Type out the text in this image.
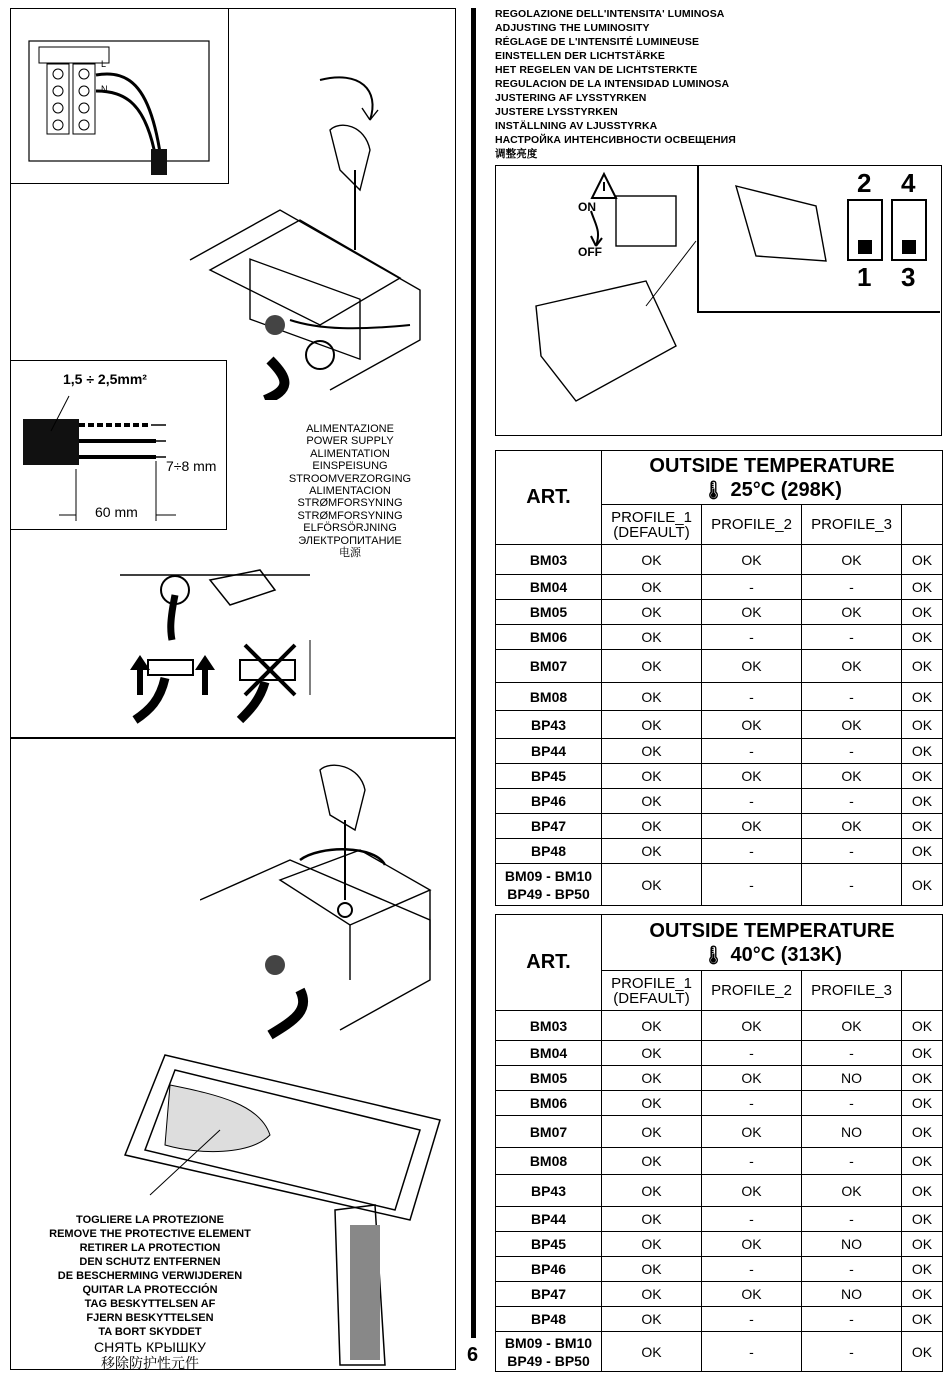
L
N
1,5 ÷ 2,5mm²
7÷8 mm
60 mm
ALIMENTAZIONE
POWER SUPPLY
ALIMENTATION
EINSPEISUNG
STROOMVERZORGING
ALIMENTACION
STRØMFORSYNING
STRØMFORSYNING
ELFÖRSÖRJNING
ЭЛЕКТРОПИТАНИЕ
电源
TOGLIERE LA PROTEZIONE
REMOVE THE PROTECTIVE ELEMENT
RETIRER LA PROTECTION
DEN SCHUTZ ENTFERNEN
DE BESCHERMING VERWIJDEREN
QUITAR LA PROTECCIÓN
TAG BESKYTTELSEN AF
FJERN BESKYTTELSEN
TA BORT SKYDDET
СНЯТЬ КРЫШКУ
移除防护性元件	6
REGOLAZIONE DELL'INTENSITA' LUMINOSA
ADJUSTING THE LUMINOSITY
RÉGLAGE DE L'INTENSITÉ LUMINEUSE
EINSTELLEN DER LICHTSTÄRKE
HET REGELEN VAN DE LICHTSTERKTE
REGULACION DE LA INTENSIDAD LUMINOSA
JUSTERING AF LYSSTYRKEN
JUSTERE LYSSTYRKEN
INSTÄLLNING AV LJUSSTYRKA
НАСТРОЙКА ИНТЕНСИВНОСТИ ОСВЕЩЕНИЯ
调整亮度
ON
OFF
2 4
1 3
ART.	OUTSIDE TEMPERATURE
🌡 25°C (298K)			

	PROFILE_1
(DEFAULT)	PROFILE_2	PROFILE_3	
BM03	OK	OK	OK	OK
BM04	OK	-	-	OK
BM05	OK	OK	OK	OK
BM06	OK	-	-	OK
BM07	OK	OK	OK	OK
BM08	OK	-	-	OK
BP43	OK	OK	OK	OK
BP44	OK	-	-	OK
BP45	OK	OK	OK	OK
BP46	OK	-	-	OK
BP47	OK	OK	OK	OK
BP48	OK	-	-	OK
BM09 - BM10
BP49 - BP50	OK	-	-	OK
ART.	OUTSIDE TEMPERATURE
🌡 40°C (313K)			

	PROFILE_1
(DEFAULT)	PROFILE_2	PROFILE_3	
BM03	OK	OK	OK	OK
BM04	OK	-	-	OK
BM05	OK	OK	NO	OK
BM06	OK	-	-	OK
BM07	OK	OK	NO	OK
BM08	OK	-	-	OK
BP43	OK	OK	OK	OK
BP44	OK	-	-	OK
BP45	OK	OK	NO	OK
BP46	OK	-	-	OK
BP47	OK	OK	NO	OK
BP48	OK	-	-	OK
BM09 - BM10
BP49 - BP50	OK	-	-	OK
